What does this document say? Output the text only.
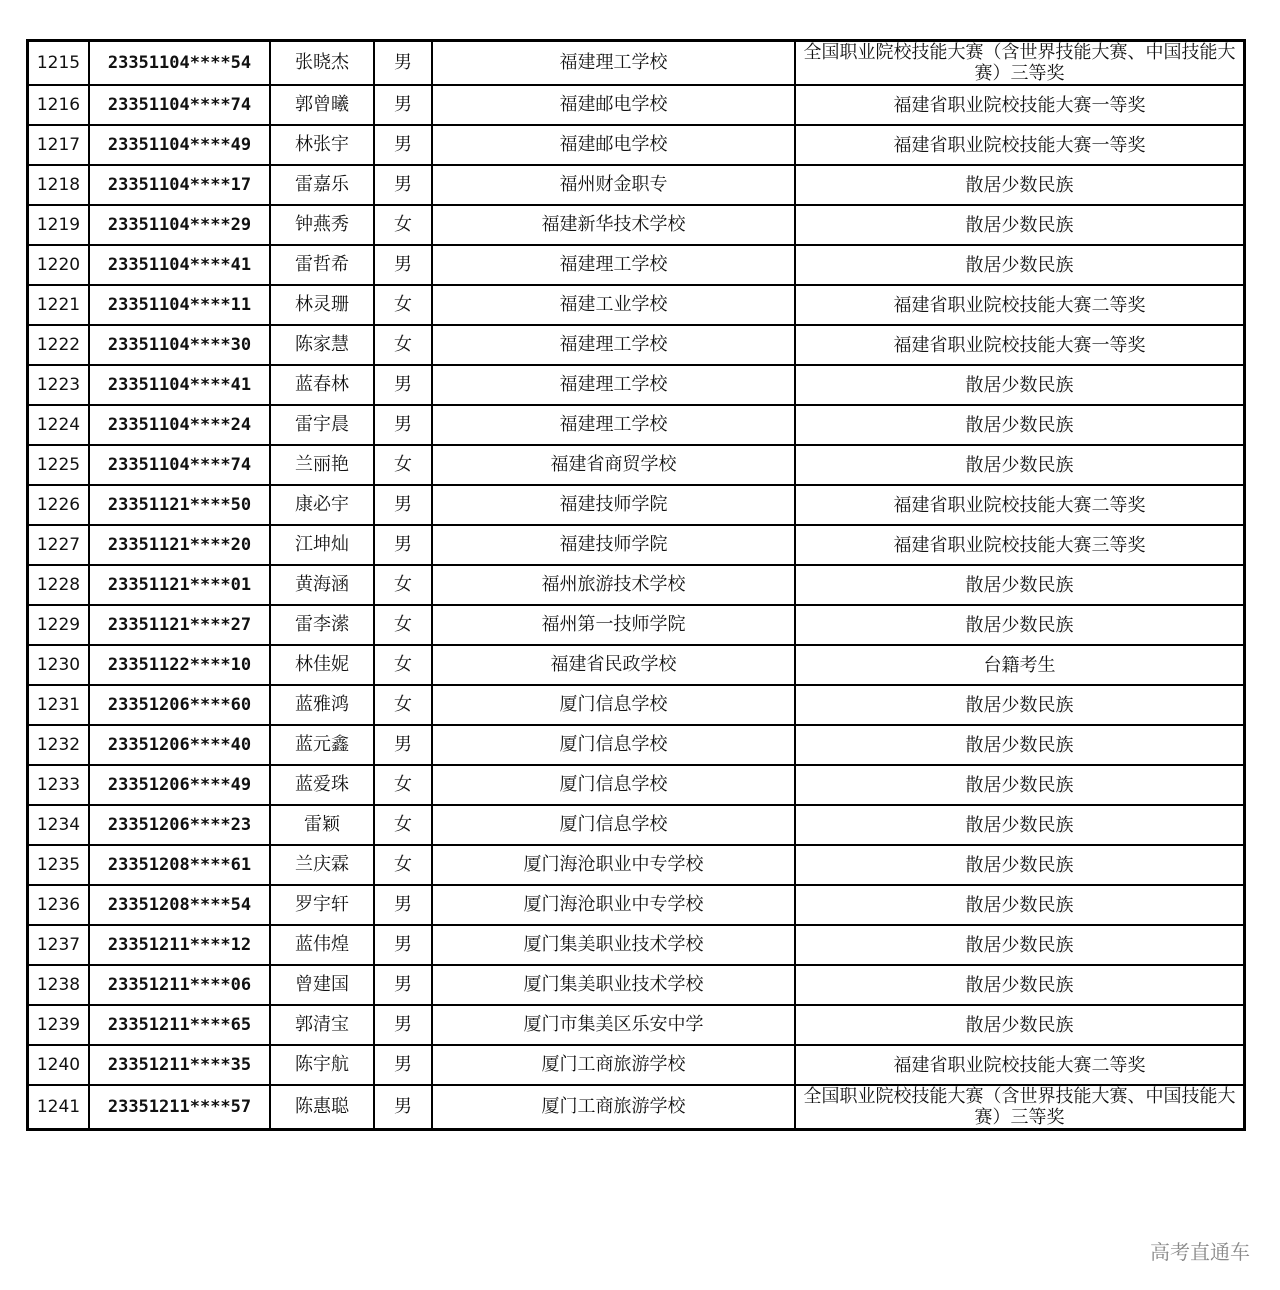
1215	23351104****54	张晓杰	男	福建理工学校	全国职业院校技能大赛（含世界技能大赛、中国技能大赛）三等奖
1216	23351104****74	郭曾曦	男	福建邮电学校	福建省职业院校技能大赛一等奖
1217	23351104****49	林张宇	男	福建邮电学校	福建省职业院校技能大赛一等奖
1218	23351104****17	雷嘉乐	男	福州财金职专	散居少数民族
1219	23351104****29	钟燕秀	女	福建新华技术学校	散居少数民族
1220	23351104****41	雷哲希	男	福建理工学校	散居少数民族
1221	23351104****11	林灵珊	女	福建工业学校	福建省职业院校技能大赛二等奖
1222	23351104****30	陈家慧	女	福建理工学校	福建省职业院校技能大赛一等奖
1223	23351104****41	蓝春林	男	福建理工学校	散居少数民族
1224	23351104****24	雷宇晨	男	福建理工学校	散居少数民族
1225	23351104****74	兰丽艳	女	福建省商贸学校	散居少数民族
1226	23351121****50	康必宇	男	福建技师学院	福建省职业院校技能大赛二等奖
1227	23351121****20	江坤灿	男	福建技师学院	福建省职业院校技能大赛三等奖
1228	23351121****01	黄海涵	女	福州旅游技术学校	散居少数民族
1229	23351121****27	雷李潆	女	福州第一技师学院	散居少数民族
1230	23351122****10	林佳妮	女	福建省民政学校	台籍考生
1231	23351206****60	蓝雅鸿	女	厦门信息学校	散居少数民族
1232	23351206****40	蓝元鑫	男	厦门信息学校	散居少数民族
1233	23351206****49	蓝爱珠	女	厦门信息学校	散居少数民族
1234	23351206****23	雷颖	女	厦门信息学校	散居少数民族
1235	23351208****61	兰庆霖	女	厦门海沧职业中专学校	散居少数民族
1236	23351208****54	罗宇轩	男	厦门海沧职业中专学校	散居少数民族
1237	23351211****12	蓝伟煌	男	厦门集美职业技术学校	散居少数民族
1238	23351211****06	曾建国	男	厦门集美职业技术学校	散居少数民族
1239	23351211****65	郭清宝	男	厦门市集美区乐安中学	散居少数民族
1240	23351211****35	陈宇航	男	厦门工商旅游学校	福建省职业院校技能大赛二等奖
1241	23351211****57	陈惠聪	男	厦门工商旅游学校	全国职业院校技能大赛（含世界技能大赛、中国技能大赛）三等奖
高考直通车
